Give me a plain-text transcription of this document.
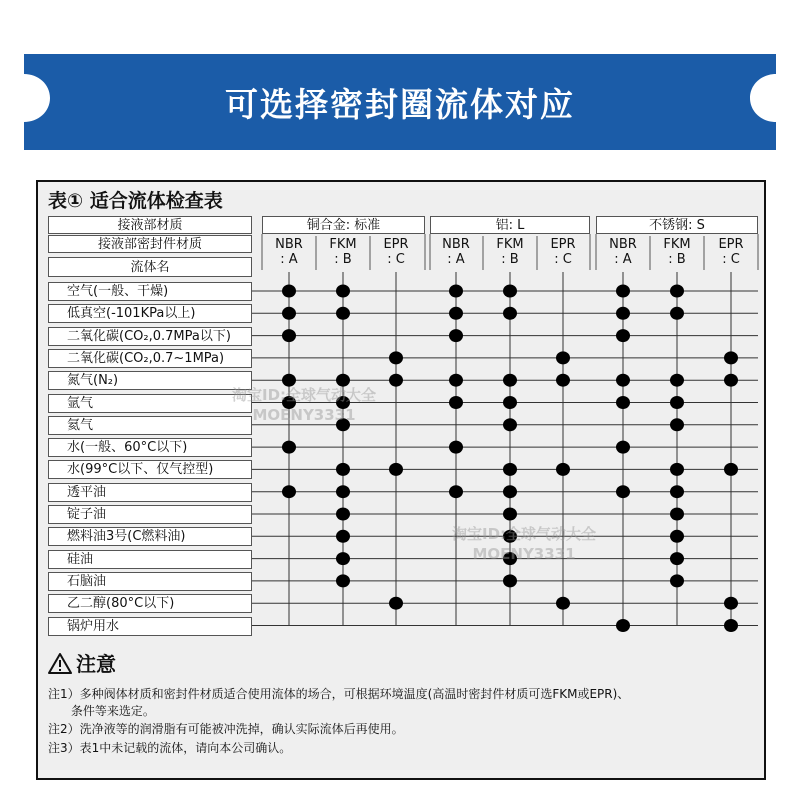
可选择密封圈流体对应
表① 适合流体检查表
接液部材质
接液部密封件材质
流体名
铜合金: 标准	铝: L	不锈钢: S
NBR
: A
FKM
: B
EPR
: C
NBR
: A
FKM
: B
EPR
: C
NBR
: A
FKM
: B
EPR
: C
空气(一般、干燥)
低真空(-101KPa以上)
二氧化碳(CO₂,0.7MPa以下)
二氧化碳(CO₂,0.7~1MPa)
氮气(N₂)
氩气
氦气
水(一般、60°C以下)
水(99°C以下、仅气控型)
透平油
锭子油
燃料油3号(C燃料油)
硅油
石脑油
乙二醇(80°C以下)
锅炉用水
淘宝ID:全球气动大全
MOENY3331
淘宝ID:全球气动大全
MOENY3331
注意
注1）多种阀体材质和密封件材质适合使用流体的场合，可根据环境温度(高温时密封件材质可选FKM或EPR)、
条件等来选定。
注2）洗净液等的润滑脂有可能被冲洗掉，确认实际流体后再使用。
注3）表1中未记载的流体，请向本公司确认。
